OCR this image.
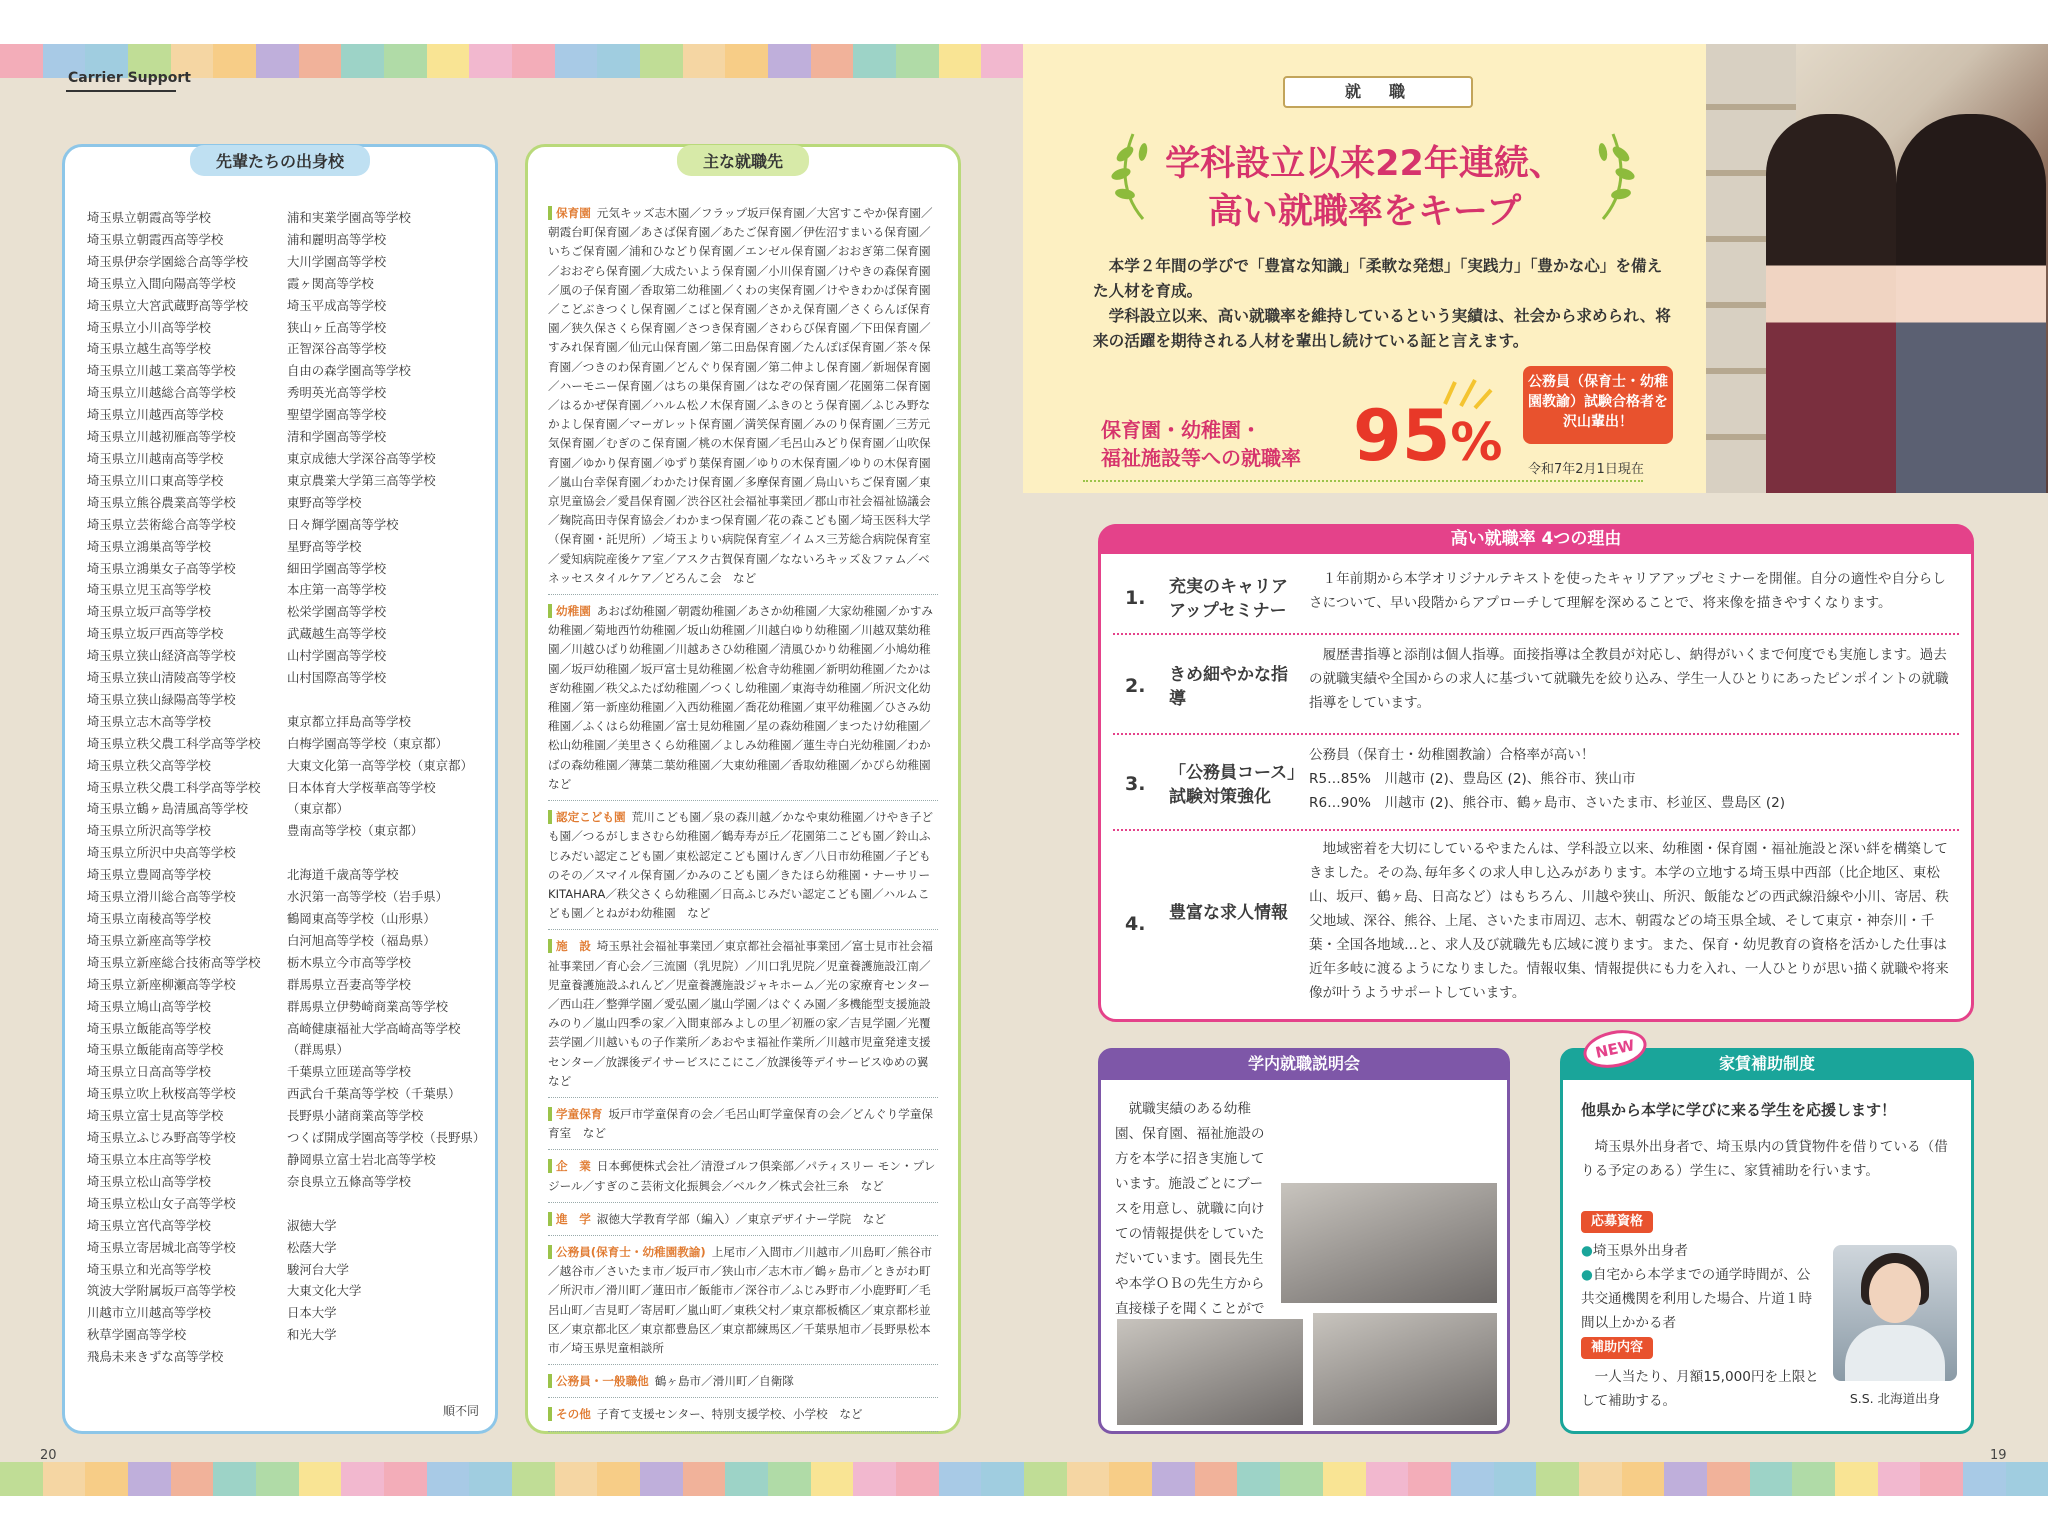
Carrier Support
先輩たちの出身校
埼玉県立朝霞高等学校
埼玉県立朝霞西高等学校
埼玉県伊奈学園総合高等学校
埼玉県立入間向陽高等学校
埼玉県立大宮武蔵野高等学校
埼玉県立小川高等学校
埼玉県立越生高等学校
埼玉県立川越工業高等学校
埼玉県立川越総合高等学校
埼玉県立川越西高等学校
埼玉県立川越初雁高等学校
埼玉県立川越南高等学校
埼玉県立川口東高等学校
埼玉県立熊谷農業高等学校
埼玉県立芸術総合高等学校
埼玉県立鴻巣高等学校
埼玉県立鴻巣女子高等学校
埼玉県立児玉高等学校
埼玉県立坂戸高等学校
埼玉県立坂戸西高等学校
埼玉県立狭山経済高等学校
埼玉県立狭山清陵高等学校
埼玉県立狭山緑陽高等学校
埼玉県立志木高等学校
埼玉県立秩父農工科学高等学校
埼玉県立秩父高等学校
埼玉県立秩父農工科学高等学校
埼玉県立鶴ヶ島清風高等学校
埼玉県立所沢高等学校
埼玉県立所沢中央高等学校
埼玉県立豊岡高等学校
埼玉県立滑川総合高等学校
埼玉県立南稜高等学校
埼玉県立新座高等学校
埼玉県立新座総合技術高等学校
埼玉県立新座柳瀬高等学校
埼玉県立鳩山高等学校
埼玉県立飯能高等学校
埼玉県立飯能南高等学校
埼玉県立日高高等学校
埼玉県立吹上秋桜高等学校
埼玉県立富士見高等学校
埼玉県立ふじみ野高等学校
埼玉県立本庄高等学校
埼玉県立松山高等学校
埼玉県立松山女子高等学校
埼玉県立宮代高等学校
埼玉県立寄居城北高等学校
埼玉県立和光高等学校
筑波大学附属坂戸高等学校
川越市立川越高等学校
秋草学園高等学校
飛鳥未来きずな高等学校
浦和実業学園高等学校
浦和麗明高等学校
大川学園高等学校
霞ヶ関高等学校
埼玉平成高等学校
狭山ヶ丘高等学校
正智深谷高等学校
自由の森学園高等学校
秀明英光高等学校
聖望学園高等学校
清和学園高等学校
東京成徳大学深谷高等学校
東京農業大学第三高等学校
東野高等学校
日々輝学園高等学校
星野高等学校
細田学園高等学校
本庄第一高等学校
松栄学園高等学校
武蔵越生高等学校
山村学園高等学校
山村国際高等学校

東京都立拝島高等学校
白梅学園高等学校（東京都）
大東文化第一高等学校（東京都）
日本体育大学桜華高等学校
（東京都）
豊南高等学校（東京都）

北海道千歳高等学校
水沢第一高等学校（岩手県）
鶴岡東高等学校（山形県）
白河旭高等学校（福島県）
栃木県立今市高等学校
群馬県立吾妻高等学校
群馬県立伊勢崎商業高等学校
高崎健康福祉大学高崎高等学校
（群馬県）
千葉県立匝瑳高等学校
西武台千葉高等学校（千葉県）
長野県小諸商業高等学校
つくば開成学園高等学校（長野県）
静岡県立富士岩北高等学校
奈良県立五條高等学校

淑徳大学
松蔭大学
駿河台大学
大東文化大学
日本大学
和光大学
順不同
主な就職先
保育園 元気キッズ志木園／フラップ坂戸保育園／大宮すこやか保育園／朝霞台町保育園／あさば保育園／あたご保育園／伊佐沼すまいる保育園／いちご保育園／浦和ひなどり保育園／エンゼル保育園／おおぎ第二保育園／おおぞら保育園／大成たいよう保育園／小川保育園／けやきの森保育園／風の子保育園／香取第二幼稚園／くわの実保育園／けやきわかば保育園／こどぶきつくし保育園／こばと保育園／さかえ保育園／さくらんぼ保育園／狭久保さくら保育園／さつき保育園／さわらび保育園／下田保育園／すみれ保育園／仙元山保育園／第二田島保育園／たんぽぽ保育園／茶々保育園／つきのわ保育園／どんぐり保育園／第二伸よし保育園／新堀保育園／ハーモニー保育園／はちの巣保育園／はなぞの保育園／花園第二保育園／はるかぜ保育園／ハルム松ノ木保育園／ふきのとう保育園／ふじみ野なかよし保育園／マーガレット保育園／満笑保育園／みのり保育園／三芳元気保育園／むぎのこ保育園／桃の木保育園／毛呂山みどり保育園／山吹保育園／ゆかり保育園／ゆずり葉保育園／ゆりの木保育園／ゆりの木保育園／嵐山台幸保育園／わかたけ保育園／多摩保育園／鳥山いちご保育園／東京児童協会／愛昌保育園／渋谷区社会福祉事業団／郡山市社会福祉協議会／麹院高田寺保育協会／わかまつ保育園／花の森こども園／埼玉医科大学（保育園・託児所）／埼玉よりい病院保育室／イムス三芳総合病院保育室／愛知病院産後ケア室／アスク古賀保育園／なないろキッズ＆ファム／ベネッセスタイルケア／どろんこ会　など
幼稚園 あおば幼稚園／朝霞幼稚園／あさか幼稚園／大家幼稚園／かすみ幼稚園／菊地西竹幼稚園／坂山幼稚園／川越白ゆり幼稚園／川越双葉幼稚園／川越ひばり幼稚園／川越あさひ幼稚園／清風ひかり幼稚園／小鳩幼稚園／坂戸幼稚園／坂戸富士見幼稚園／松倉寺幼稚園／新明幼稚園／たかはぎ幼稚園／秩父ふたば幼稚園／つくし幼稚園／東海寺幼稚園／所沢文化幼稚園／第一新座幼稚園／入西幼稚園／喬花幼稚園／東平幼稚園／ひさみ幼稚園／ふくはら幼稚園／富士見幼稚園／星の森幼稚園／まつたけ幼稚園／松山幼稚園／美里さくら幼稚園／よしみ幼稚園／蓮生寺白光幼稚園／わかばの森幼稚園／薄葉二葉幼稚園／大東幼稚園／香取幼稚園／かぴら幼稚園　など
認定こども園 荒川こども園／泉の森川越／かなや東幼稚園／けやき子ども園／つるがしまさむら幼稚園／鶴寿寿が丘／花園第二こども園／鈴山ふじみだい認定こども園／東松認定こども園けんぎ／八日市幼稚園／子どものその／スマイル保育園／かみのこども園／きたほら幼稚園・ナーサリーKITAHARA／秩父さくら幼稚園／日高ふじみだい認定こども園／ハルムこども園／とねがわ幼稚園　など
施　設 埼玉県社会福祉事業団／東京都社会福祉事業団／富士見市社会福祉事業団／育心会／三流園（乳児院）／川口乳児院／児童養護施設江南／児童養護施設ふれんど／児童養護施設ジャキホーム／光の家療育センター／西山荘／整弾学園／愛弘園／嵐山学園／はぐくみ園／多機能型支援施設みのり／嵐山四季の家／入間東部みよしの里／初雁の家／吉見学園／光覆芸学園／川越いもの子作業所／あおやま福祉作業所／川越市児童発達支援センター／放課後デイサービスにこにこ／放課後等デイサービスゆめの翼　など
学童保育 坂戸市学童保育の会／毛呂山町学童保育の会／どんぐり学童保育室　など
企　業 日本郵便株式会社／清澄ゴルフ倶楽部／パティスリー モン・プレジール／すぎのこ芸術文化振興会／ベルク／株式会社三糸　など
進　学 淑徳大学教育学部（編入）／東京デザイナー学院　など
公務員(保育士・幼稚園教諭) 上尾市／入間市／川越市／川島町／熊谷市／越谷市／さいたま市／坂戸市／狭山市／志木市／鶴ヶ島市／ときがわ町／所沢市／滑川町／蓮田市／飯能市／深谷市／ふじみ野市／小鹿野町／毛呂山町／吉見町／寄居町／嵐山町／東秩父村／東京都板橋区／東京都杉並区／東京都北区／東京都豊島区／東京都練馬区／千葉県旭市／長野県松本市／埼玉県児童相談所
公務員・一般職他 鶴ヶ島市／滑川町／自衛隊
その他 子育て支援センター、特別支援学校、小学校　など
就　職
学科設立以来22年連続、
高い就職率をキープ
　本学２年間の学びで「豊富な知識」「柔軟な発想」「実践力」「豊かな心」を備えた人材を育成。
　学科設立以来、高い就職率を維持しているという実績は、社会から求められ、将来の活躍を期待される人材を輩出し続けている証と言えます。
保育園・幼稚園・
福祉施設等への就職率 95%
公務員（保育士・幼稚園教諭）試験合格者を沢山輩出！
令和7年2月1日現在
高い就職率 4つの理由
1. 充実のキャリアアップセミナー
　１年前期から本学オリジナルテキストを使ったキャリアアップセミナーを開催。自分の適性や自分らしさについて、早い段階からアプローチして理解を深めることで、将来像を描きやすくなります。
2. きめ細やかな指導
　履歴書指導と添削は個人指導。面接指導は全教員が対応し、納得がいくまで何度でも実施します。過去の就職実績や全国からの求人に基づいて就職先を絞り込み、学生一人ひとりにあったピンポイントの就職指導をしています。
3. 「公務員コース」試験対策強化
公務員（保育士・幼稚園教諭）合格率が高い！
R5…85%　川越市 (2)、豊島区 (2)、熊谷市、狭山市
R6…90%　川越市 (2)、熊谷市、鶴ヶ島市、さいたま市、杉並区、豊島区 (2)
4. 豊富な求人情報
　地域密着を大切にしているやまたんは、学科設立以来、幼稚園・保育園・福祉施設と深い絆を構築してきました。その為､毎年多くの求人申し込みがあります。本学の立地する埼玉県中西部（比企地区、東松山、坂戸、鶴ヶ島、日高など）はもちろん、川越や狭山、所沢、飯能などの西武線沿線や小川、寄居、秩父地域、深谷、熊谷、上尾、さいたま市周辺、志木、朝霞などの埼玉県全域、そして東京・神奈川・千葉・全国各地域…と、求人及び就職先も広域に渡ります。また、保育・幼児教育の資格を活かした仕事は近年多岐に渡るようになりました。情報収集、情報提供にも力を入れ、一人ひとりが思い描く就職や将来像が叶うようサポートしています。
学内就職説明会
　就職実績のある幼稚園、保育園、福祉施設の方を本学に招き実施しています。施設ごとにブースを用意し、就職に向けての情報提供をしていただいています。園長先生や本学ＯＢの先生方から直接様子を聞くことがで
家賃補助制度
NEW
他県から本学に学びに来る学生を応援します！
　埼玉県外出身者で、埼玉県内の賃貸物件を借りている（借りる予定のある）学生に、家賃補助を行います。
応募資格
●埼玉県外出身者
●自宅から本学までの通学時間が、公共交通機関を利用した場合、片道１時間以上かかる者
補助内容
　一人当たり、月額15,000円を上限として補助する。	S.S. 北海道出身
20	19
